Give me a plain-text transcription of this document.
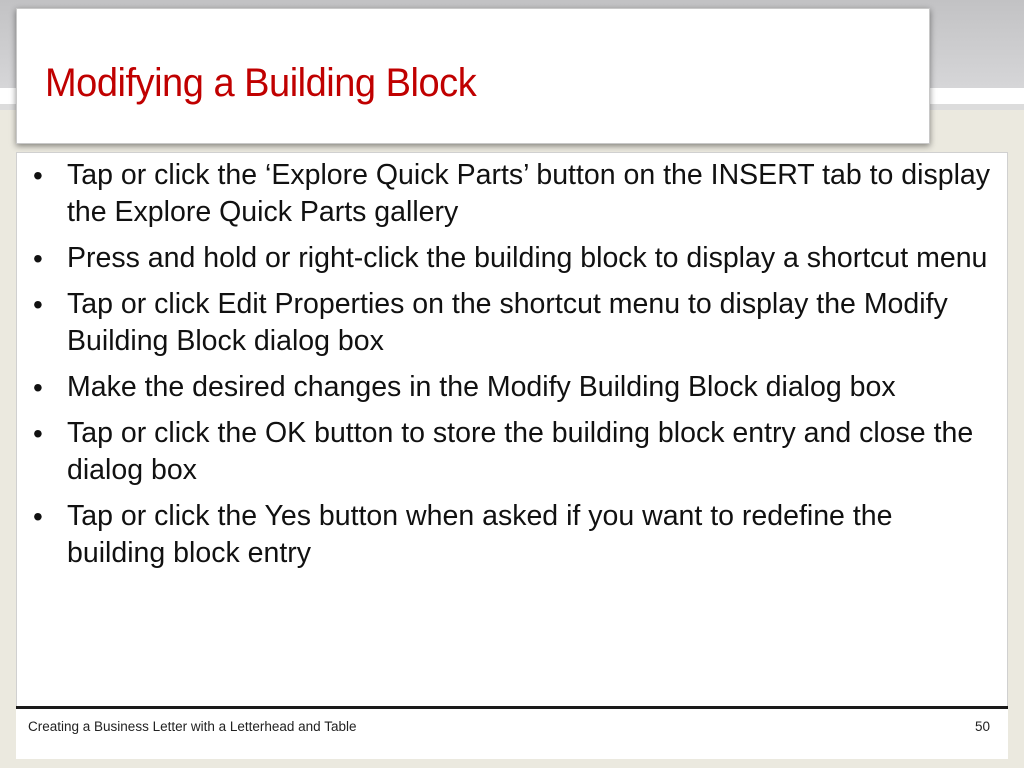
Modifying a Building Block
• Tap or click the ‘Explore Quick Parts’ button on the INSERT tab to display the Explore Quick Parts gallery
• Press and hold or right-click the building block to display a shortcut menu
• Tap or click Edit Properties on the shortcut menu to display the Modify Building Block dialog box
• Make the desired changes in the Modify Building Block dialog box
• Tap or click the OK button to store the building block entry and close the dialog box
• Tap or click the Yes button when asked if you want to redefine the building block entry
Creating a Business Letter with a Letterhead and Table	50
